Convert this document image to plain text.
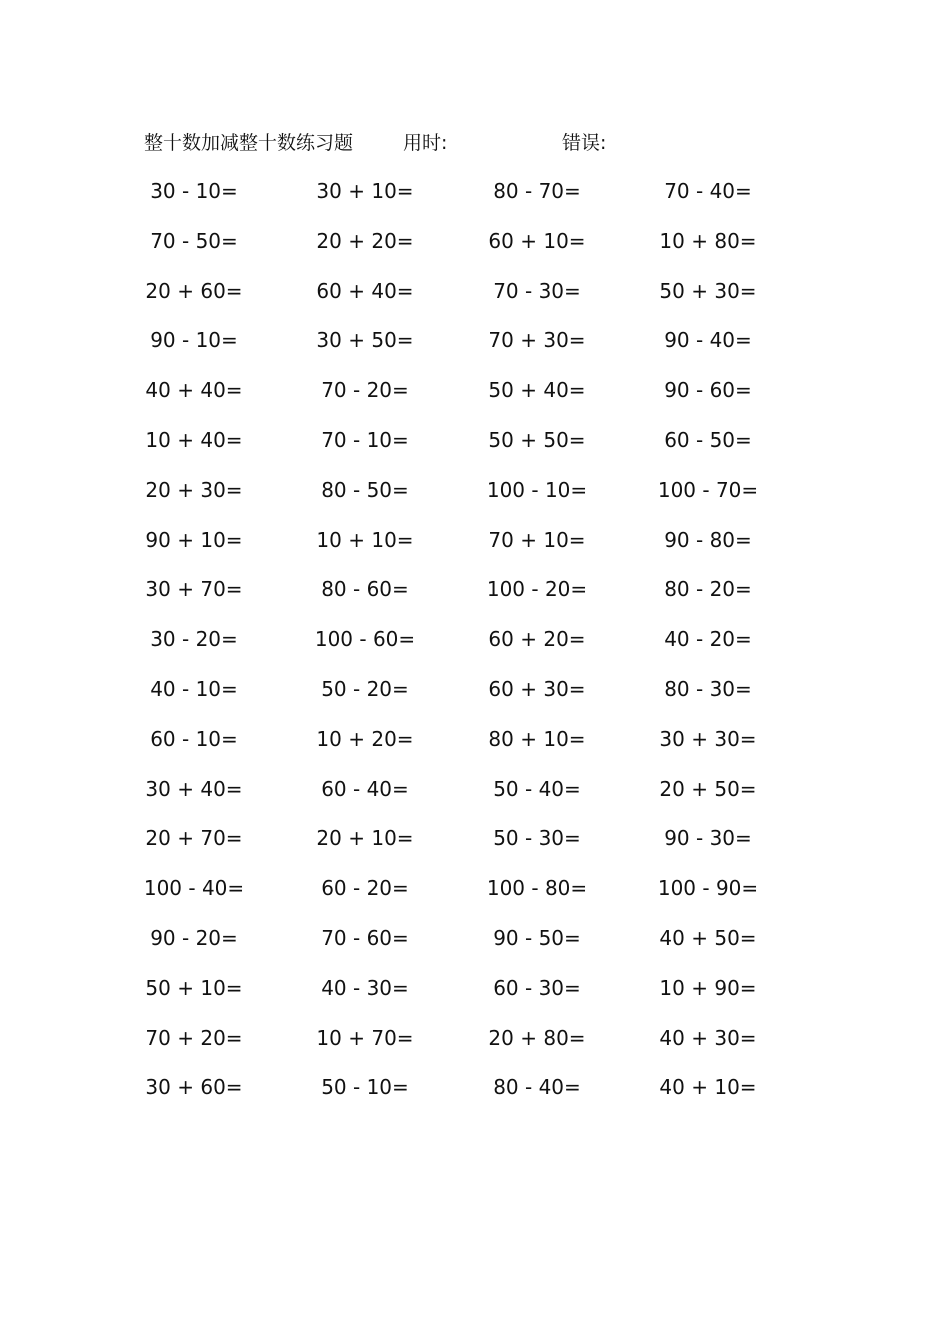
整十数加减整十数练习题	用时:	错误:
30 - 10=	30 + 10=	80 - 70=	70 - 40=
70 - 50=	20 + 20=	60 + 10=	10 + 80=
20 + 60=	60 + 40=	70 - 30=	50 + 30=
90 - 10=	30 + 50=	70 + 30=	90 - 40=
40 + 40=	70 - 20=	50 + 40=	90 - 60=
10 + 40=	70 - 10=	50 + 50=	60 - 50=
20 + 30=	80 - 50=	100 - 10=	100 - 70=
90 + 10=	10 + 10=	70 + 10=	90 - 80=
30 + 70=	80 - 60=	100 - 20=	80 - 20=
30 - 20=	100 - 60=	60 + 20=	40 - 20=
40 - 10=	50 - 20=	60 + 30=	80 - 30=
60 - 10=	10 + 20=	80 + 10=	30 + 30=
30 + 40=	60 - 40=	50 - 40=	20 + 50=
20 + 70=	20 + 10=	50 - 30=	90 - 30=
100 - 40=	60 - 20=	100 - 80=	100 - 90=
90 - 20=	70 - 60=	90 - 50=	40 + 50=
50 + 10=	40 - 30=	60 - 30=	10 + 90=
70 + 20=	10 + 70=	20 + 80=	40 + 30=
30 + 60=	50 - 10=	80 - 40=	40 + 10=
